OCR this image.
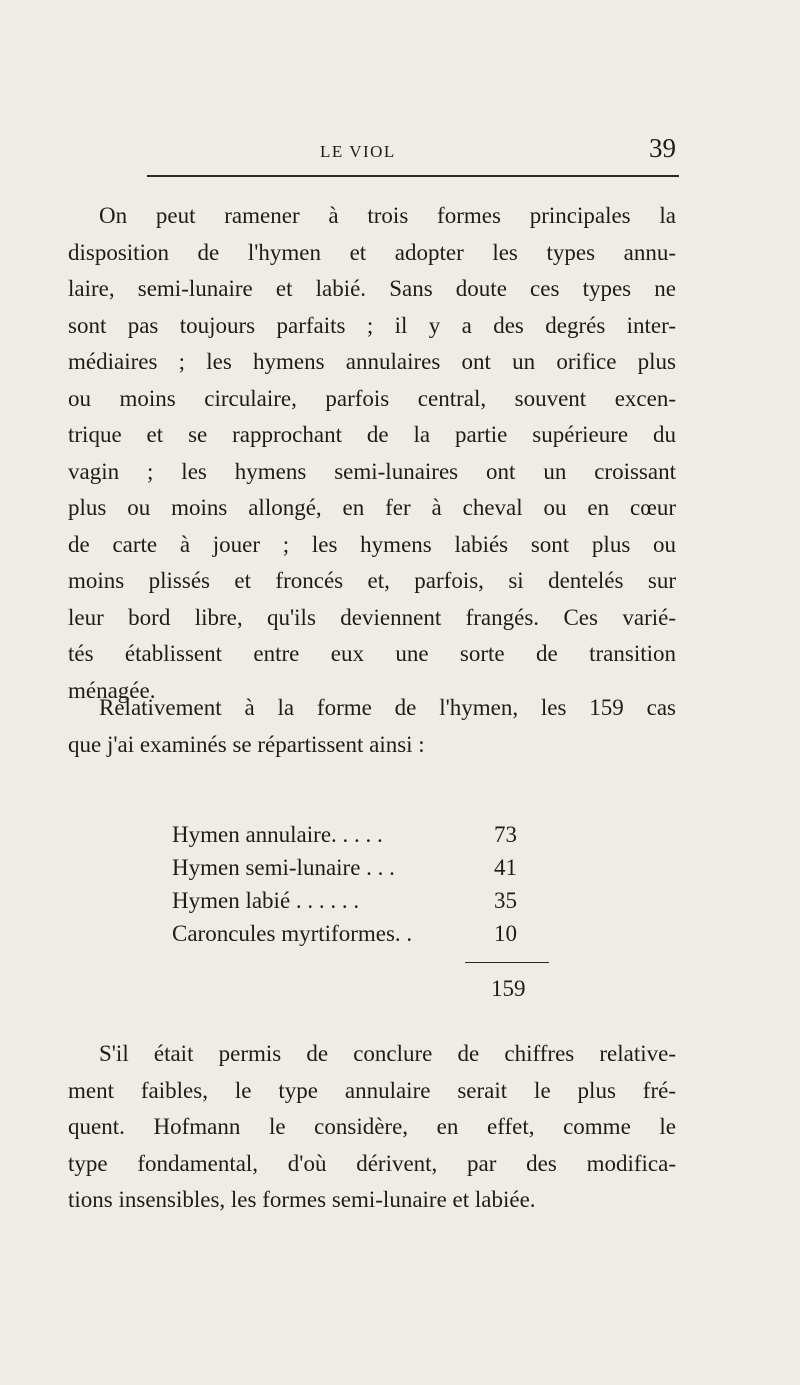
LE VIOL	39
On peut ramener à trois formes principales la
disposition de l'hymen et adopter les types annu-
laire, semi-lunaire et labié. Sans doute ces types ne
sont pas toujours parfaits ; il y a des degrés inter-
médiaires ; les hymens annulaires ont un orifice plus
ou moins circulaire, parfois central, souvent excen-
trique et se rapprochant de la partie supérieure du
vagin ; les hymens semi-lunaires ont un croissant
plus ou moins allongé, en fer à cheval ou en cœur
de carte à jouer ; les hymens labiés sont plus ou
moins plissés et froncés et, parfois, si dentelés sur
leur bord libre, qu'ils deviennent frangés. Ces varié-
tés établissent entre eux une sorte de transition
ménagée.
Relativement à la forme de l'hymen, les 159 cas
que j'ai examinés se répartissent ainsi :
Hymen annulaire. . . . .	73
Hymen semi-lunaire . . .	41
Hymen labié . . . . . .	35
Caroncules myrtiformes. .	10
159
S'il était permis de conclure de chiffres relative-
ment faibles, le type annulaire serait le plus fré-
quent. Hofmann le considère, en effet, comme le
type fondamental, d'où dérivent, par des modifica-
tions insensibles, les formes semi-lunaire et labiée.
